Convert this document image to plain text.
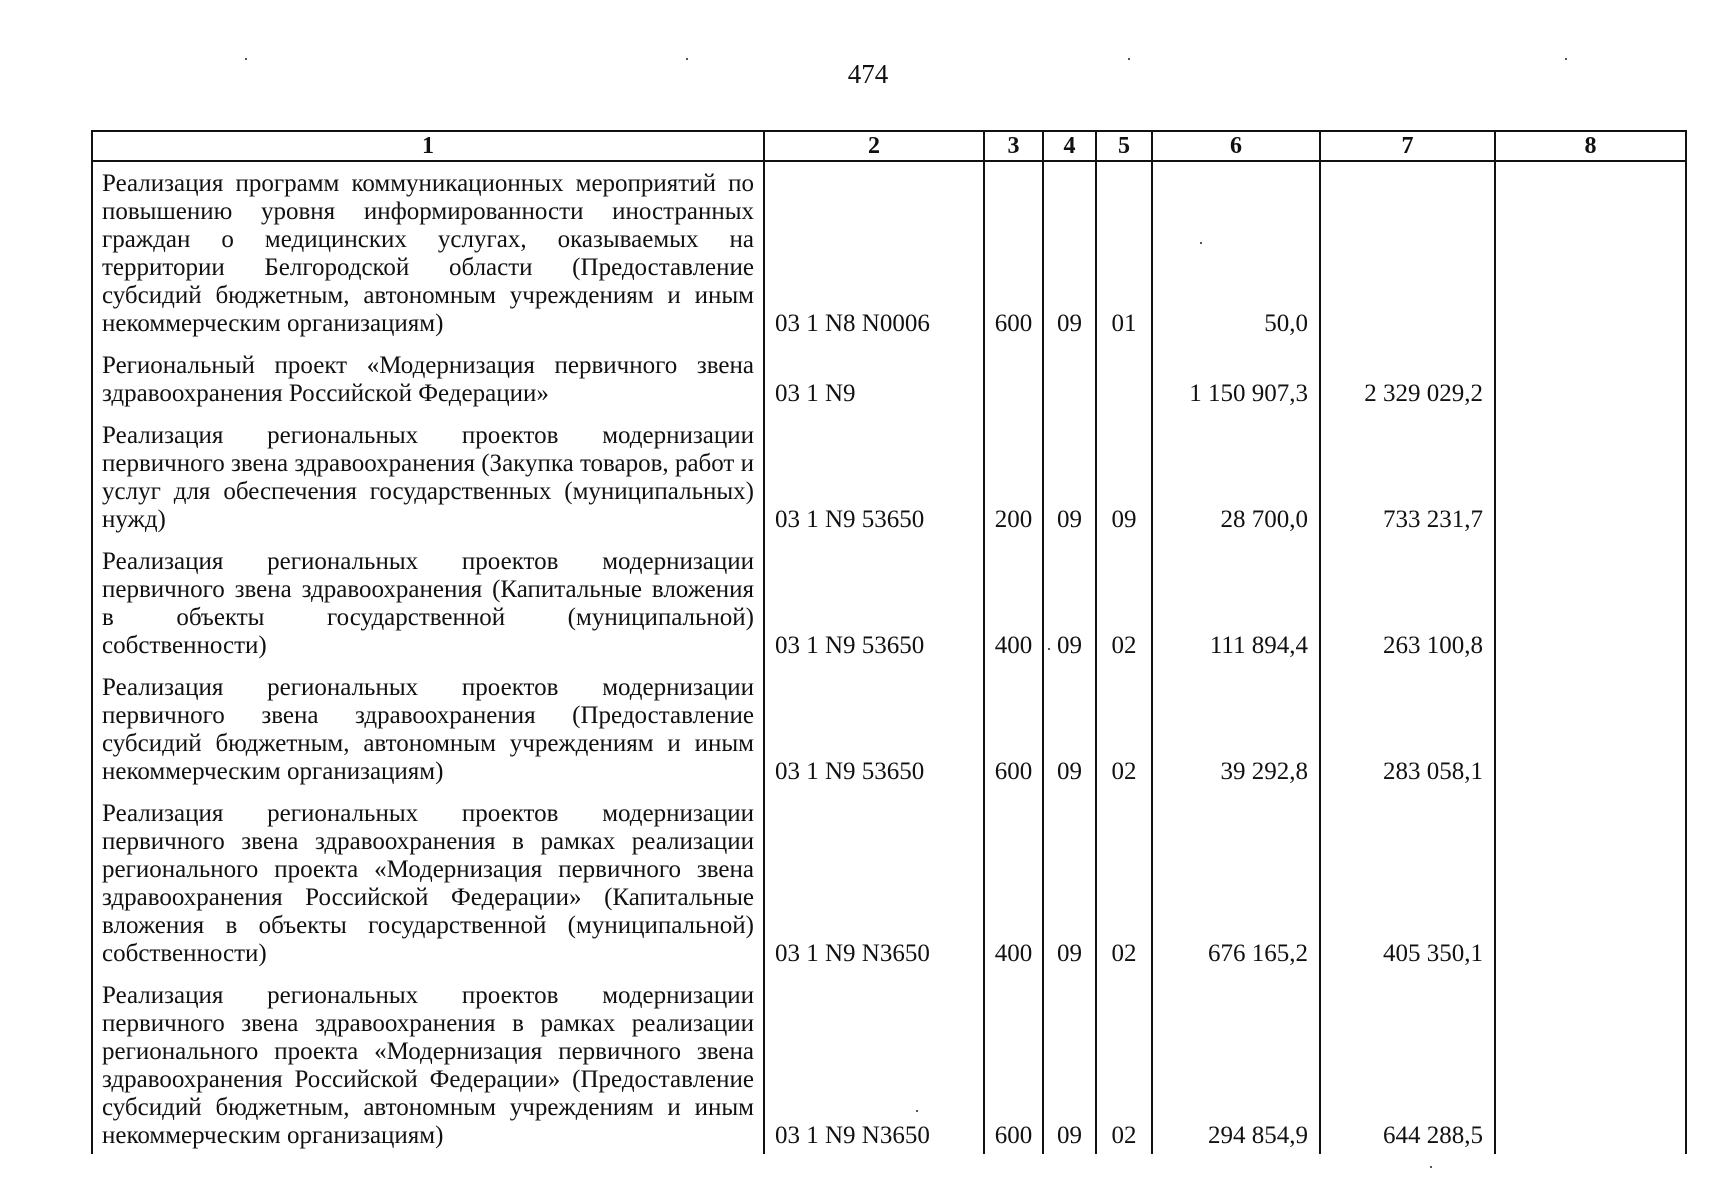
474
1	2	3	4	5	6	7	8
Реализация программ коммуникационных мероприятий по повышению уровня информированности иностранных граждан о медицинских услугах, оказываемых на территории Белгородской области (Предоставление субсидий бюджетным, автономным учреждениям и иным некоммерческим организациям)	03 1 N8 N0006	600	09	01	50,0		
Региональный проект «Модернизация первичного звена здравоохранения Российской Федерации»	03 1 N9				1 150 907,3	2 329 029,2	
Реализация региональных проектов модернизации первичного звена здравоохранения (Закупка товаров, работ и услуг для обеспечения государственных (муниципальных) нужд)	03 1 N9 53650	200	09	09	28 700,0	733 231,7	
Реализация региональных проектов модернизации первичного звена здравоохранения (Капитальные вложения в объекты государственной (муниципальной) собственности)	03 1 N9 53650	400	09	02	111 894,4	263 100,8	
Реализация региональных проектов модернизации первичного звена здравоохранения (Предоставление субсидий бюджетным, автономным учреждениям и иным некоммерческим организациям)	03 1 N9 53650	600	09	02	39 292,8	283 058,1	
Реализация региональных проектов модернизации первичного звена здравоохранения в рамках реализации регионального проекта «Модернизация первичного звена здравоохранения Российской Федерации» (Капитальные вложения в объекты государственной (муниципальной) собственности)	03 1 N9 N3650	400	09	02	676 165,2	405 350,1	
Реализация региональных проектов модернизации первичного звена здравоохранения в рамках реализации регионального проекта «Модернизация первичного звена здравоохранения Российской Федерации» (Предоставление субсидий бюджетным, автономным учреждениям и иным некоммерческим организациям)	03 1 N9 N3650	600	09	02	294 854,9	644 288,5	
